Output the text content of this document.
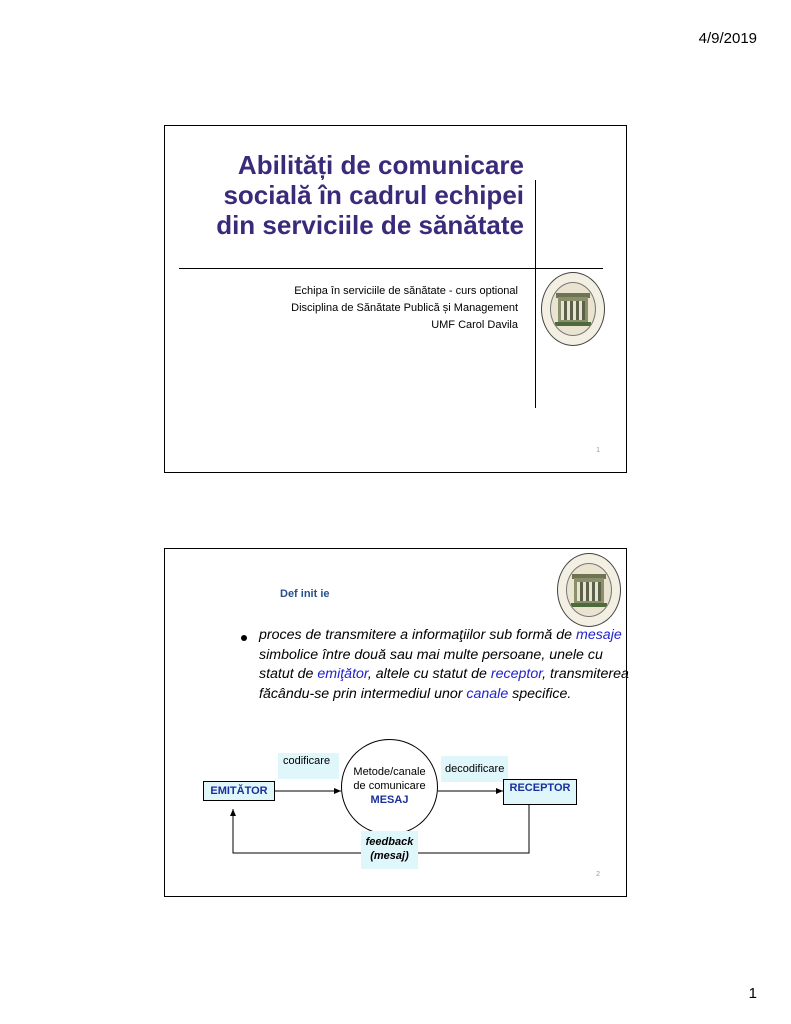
4/9/2019
Abilități de comunicare
socială în cadrul echipei
din serviciile de sănătate
Echipa în serviciile de sănătate - curs optional
Disciplina de Sănătate Publică și Management
UMF Carol Davila
1
Def init ie
proces de transmitere a informaţiilor sub formă de mesaje simbolice între două sau mai multe persoane, unele cu statut de emiţător, altele cu statut de receptor, transmiterea făcându-se prin intermediul unor canale specifice.
codificare
decodificare
EMITĂTOR	RECEPTOR
Metode/canale
de comunicare
MESAJ
feedback
(mesaj)
2
1
